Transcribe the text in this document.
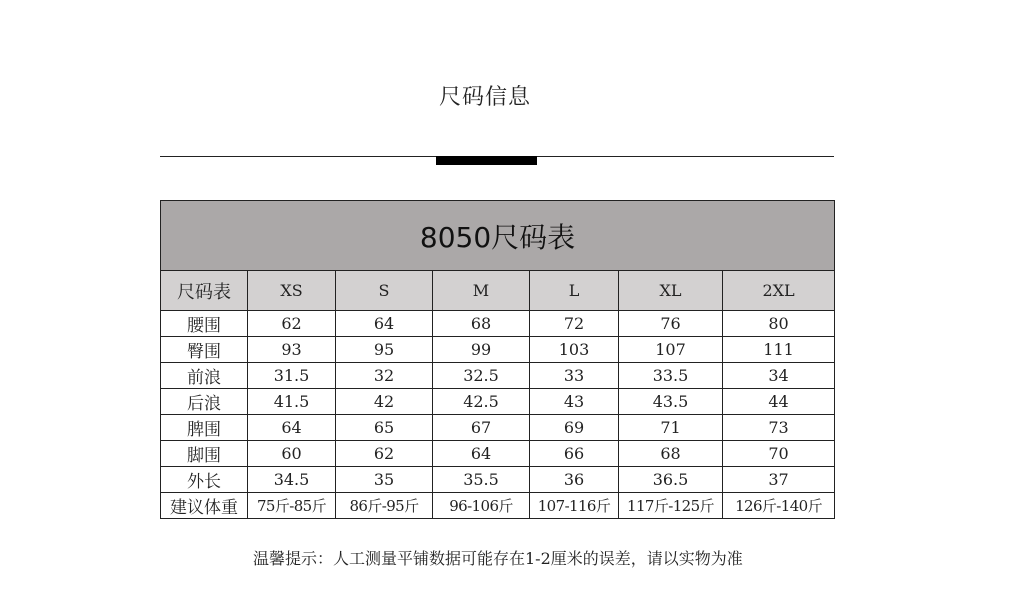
尺码信息
8050尺码表						
尺码表	XS	S	M	L	XL	2XL
腰围	62	64	68	72	76	80
臀围	93	95	99	103	107	111
前浪	31.5	32	32.5	33	33.5	34
后浪	41.5	42	42.5	43	43.5	44
脾围	64	65	67	69	71	73
脚围	60	62	64	66	68	70
外长	34.5	35	35.5	36	36.5	37
建议体重	75斤-85斤	86斤-95斤	96-106斤	107-116斤	117斤-125斤	126斤-140斤
温馨提示：人工测量平铺数据可能存在1-2厘米的误差，请以实物为准
